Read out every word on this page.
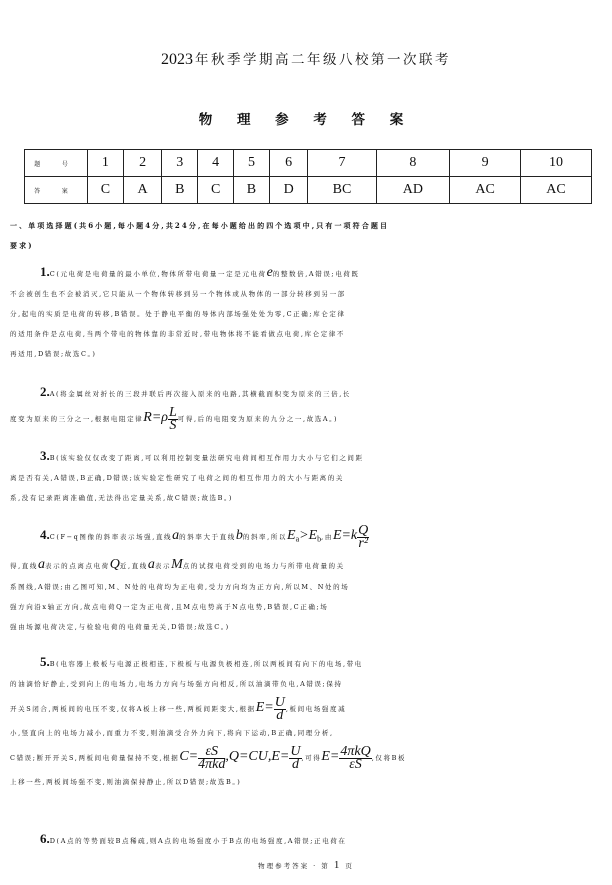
2023 年秋季学期高二年级八校第一次联考
物 理 参 考 答 案
题 号	1	2	3	4	5	6	7	8	9	10
答 案	C	A	B	C	B	D	BC	AD	AC	AC
一、单项选择题(共6小题,每小题4分,共24分,在每小题给出的四个选项中,只有一项符合题目
要求)
1.C(元电荷是电荷量的最小单位,物体所带电荷量一定是元电荷e的整数倍,A错误;电荷既
不会被创生也不会被消灭,它只能从一个物体转移到另一个物体或从物体的一部分转移到另一部
分,起电的实质是电荷的转移,B错误。处于静电平衡的导体内部场强处处为零,C正确;库仑定律
的适用条件是点电荷,当两个带电的物体靠的非常近时,带电物体将不能看做点电荷,库仑定律不
再适用,D错误;故选C。)
2.A(将金属丝对折长的三段并联后再次接入原来的电路,其横截面积变为原来的三倍,长
度变为原来的三分之一,根据电阻定律$R=\rho \frac{L}{S}$ 可得,后的电阻变为原来的九分之一,故选A。)
3.B(该实验仅仅改变了距离,可以利用控制变量法研究电荷间相互作用力大小与它们之间距
离是否有关,A错误,B正确,D错误;该实验定性研究了电荷之间的相互作用力的大小与距离的关
系,没有记录距离准确值,无法得出定量关系,故C错误;故选B。)
4.C(F−q图像的斜率表示场强,直线a的斜率大于直线b的斜率,所以$E_a>E_b$,由$E=k \frac{Q}{\text{r²}}$
得,直线a表示的点离点电荷Q近,直线a表示M点的试探电荷受到的电场力与所带电荷量的关
系图线,A错误;由乙图可知,M、N处的电荷均为正电荷,受力方向均为正方向,所以M、N处的场
强方向沿x轴正方向,故点电荷Q一定为正电荷,且M点电势高于N点电势,B错误,C正确;场
强由场源电荷决定,与检验电荷的电荷量无关,D错误;故选C。)
5.B(电容器上极板与电源正极相连,下极板与电源负极相连,所以两板间有向下的电场,带电
的油滴恰好静止,受到向上的电场力,电场力方向与场强方向相反,所以油滴带负电,A错误;保持
开关S闭合,两板间的电压不变,仅将A板上移一些,两板间距变大,根据$E= \frac{U}{d}$ ,板间电场强度减
小,竖直向上的电场力减小,而重力不变,则油滴受合外力向下,将向下运动,B正确,同理分析,
C错误;断开开关S,两板间电荷量保持不变,根据C= εS
4πkd $,Q=CU,E= \frac{U}{d}$ ,可得E= 4πkQ
εS	,仅将B板
上移一些,两板间场强不变,则油滴保持静止,所以D错误;故选B。)
6.D(A点的等势面较B点稀疏,则A点的电场强度小于B点的电场强度,A错误;正电荷在
物理参考答案 · 第 1 页
